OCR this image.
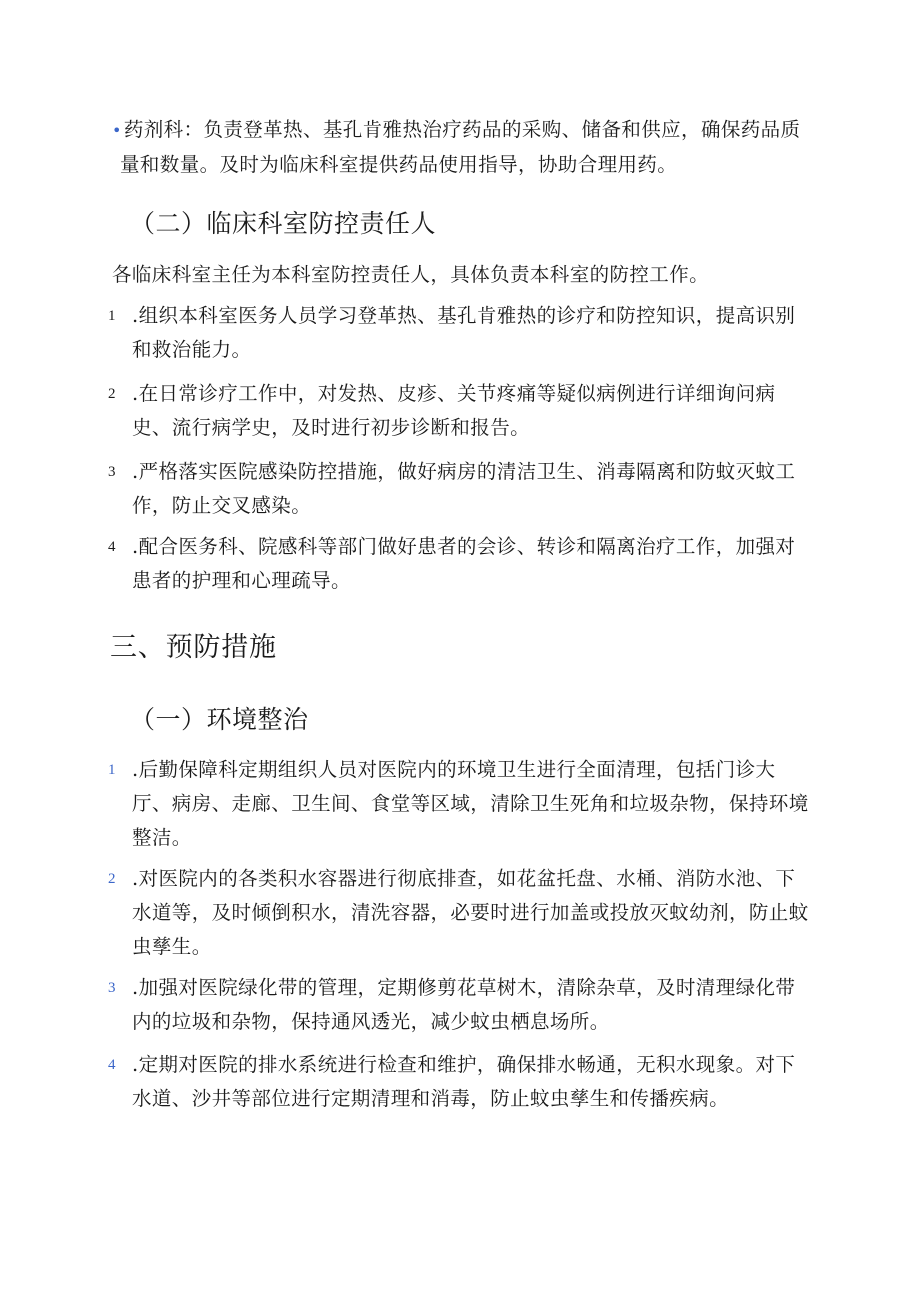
• 药剂科：负责登革热、基孔肯雅热治疗药品的采购、储备和供应，确保药品质量和数量。及时为临床科室提供药品使用指导，协助合理用药。

（二）临床科室防控责任人

各临床科室主任为本科室防控责任人，具体负责本科室的防控工作。

1 .组织本科室医务人员学习登革热、基孔肯雅热的诊疗和防控知识，提高识别和救治能力。
2 .在日常诊疗工作中，对发热、皮疹、关节疼痛等疑似病例进行详细询问病史、流行病学史，及时进行初步诊断和报告。
3 .严格落实医院感染防控措施，做好病房的清洁卫生、消毒隔离和防蚊灭蚊工作，防止交叉感染。
4 .配合医务科、院感科等部门做好患者的会诊、转诊和隔离治疗工作，加强对患者的护理和心理疏导。
三、预防措施
（一）环境整治
1 .后勤保障科定期组织人员对医院内的环境卫生进行全面清理，包括门诊大厅、病房、走廊、卫生间、食堂等区域，清除卫生死角和垃圾杂物，保持环境整洁。
2 .对医院内的各类积水容器进行彻底排查，如花盆托盘、水桶、消防水池、下水道等，及时倾倒积水，清洗容器，必要时进行加盖或投放灭蚊幼剂，防止蚊虫孳生。
3 .加强对医院绿化带的管理，定期修剪花草树木，清除杂草，及时清理绿化带内的垃圾和杂物，保持通风透光，减少蚊虫栖息场所。
4 .定期对医院的排水系统进行检查和维护，确保排水畅通，无积水现象。对下水道、沙井等部位进行定期清理和消毒，防止蚊虫孳生和传播疾病。
